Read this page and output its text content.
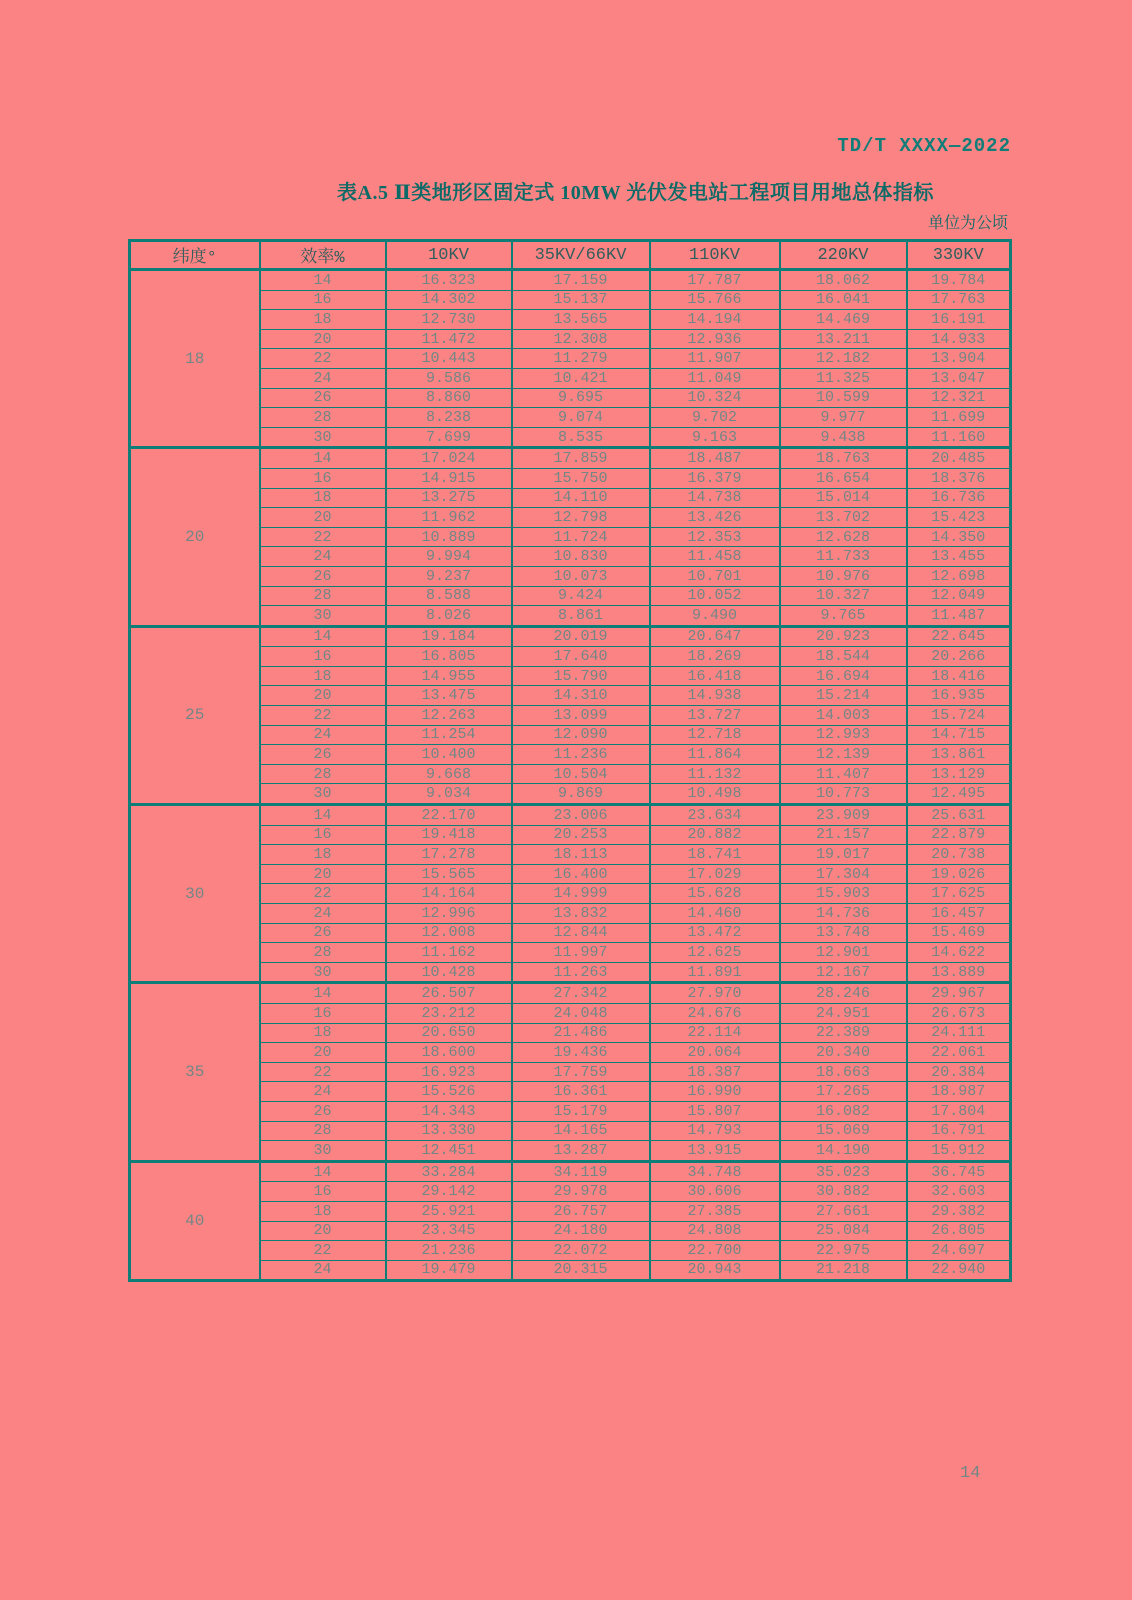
TD/T XXXX—2022
表A.5 Ⅱ类地形区固定式 10MW 光伏发电站工程项目用地总体指标
单位为公顷
纬度°	效率%	10KV	35KV/66KV	110KV	220KV	330KV
18	14	16.323	17.159	17.787	18.062	19.784
	16	14.302	15.137	15.766	16.041	17.763
	18	12.730	13.565	14.194	14.469	16.191
	20	11.472	12.308	12.936	13.211	14.933
	22	10.443	11.279	11.907	12.182	13.904
	24	9.586	10.421	11.049	11.325	13.047
	26	8.860	9.695	10.324	10.599	12.321
	28	8.238	9.074	9.702	9.977	11.699
	30	7.699	8.535	9.163	9.438	11.160
20	14	17.024	17.859	18.487	18.763	20.485
	16	14.915	15.750	16.379	16.654	18.376
	18	13.275	14.110	14.738	15.014	16.736
	20	11.962	12.798	13.426	13.702	15.423
	22	10.889	11.724	12.353	12.628	14.350
	24	9.994	10.830	11.458	11.733	13.455
	26	9.237	10.073	10.701	10.976	12.698
	28	8.588	9.424	10.052	10.327	12.049
	30	8.026	8.861	9.490	9.765	11.487
25	14	19.184	20.019	20.647	20.923	22.645
	16	16.805	17.640	18.269	18.544	20.266
	18	14.955	15.790	16.418	16.694	18.416
	20	13.475	14.310	14.938	15.214	16.935
	22	12.263	13.099	13.727	14.003	15.724
	24	11.254	12.090	12.718	12.993	14.715
	26	10.400	11.236	11.864	12.139	13.861
	28	9.668	10.504	11.132	11.407	13.129
	30	9.034	9.869	10.498	10.773	12.495
30	14	22.170	23.006	23.634	23.909	25.631
	16	19.418	20.253	20.882	21.157	22.879
	18	17.278	18.113	18.741	19.017	20.738
	20	15.565	16.400	17.029	17.304	19.026
	22	14.164	14.999	15.628	15.903	17.625
	24	12.996	13.832	14.460	14.736	16.457
	26	12.008	12.844	13.472	13.748	15.469
	28	11.162	11.997	12.625	12.901	14.622
	30	10.428	11.263	11.891	12.167	13.889
35	14	26.507	27.342	27.970	28.246	29.967
	16	23.212	24.048	24.676	24.951	26.673
	18	20.650	21.486	22.114	22.389	24.111
	20	18.600	19.436	20.064	20.340	22.061
	22	16.923	17.759	18.387	18.663	20.384
	24	15.526	16.361	16.990	17.265	18.987
	26	14.343	15.179	15.807	16.082	17.804
	28	13.330	14.165	14.793	15.069	16.791
	30	12.451	13.287	13.915	14.190	15.912
40	14	33.284	34.119	34.748	35.023	36.745
	16	29.142	29.978	30.606	30.882	32.603
	18	25.921	26.757	27.385	27.661	29.382
	20	23.345	24.180	24.808	25.084	26.805
	22	21.236	22.072	22.700	22.975	24.697
	24	19.479	20.315	20.943	21.218	22.940
14
